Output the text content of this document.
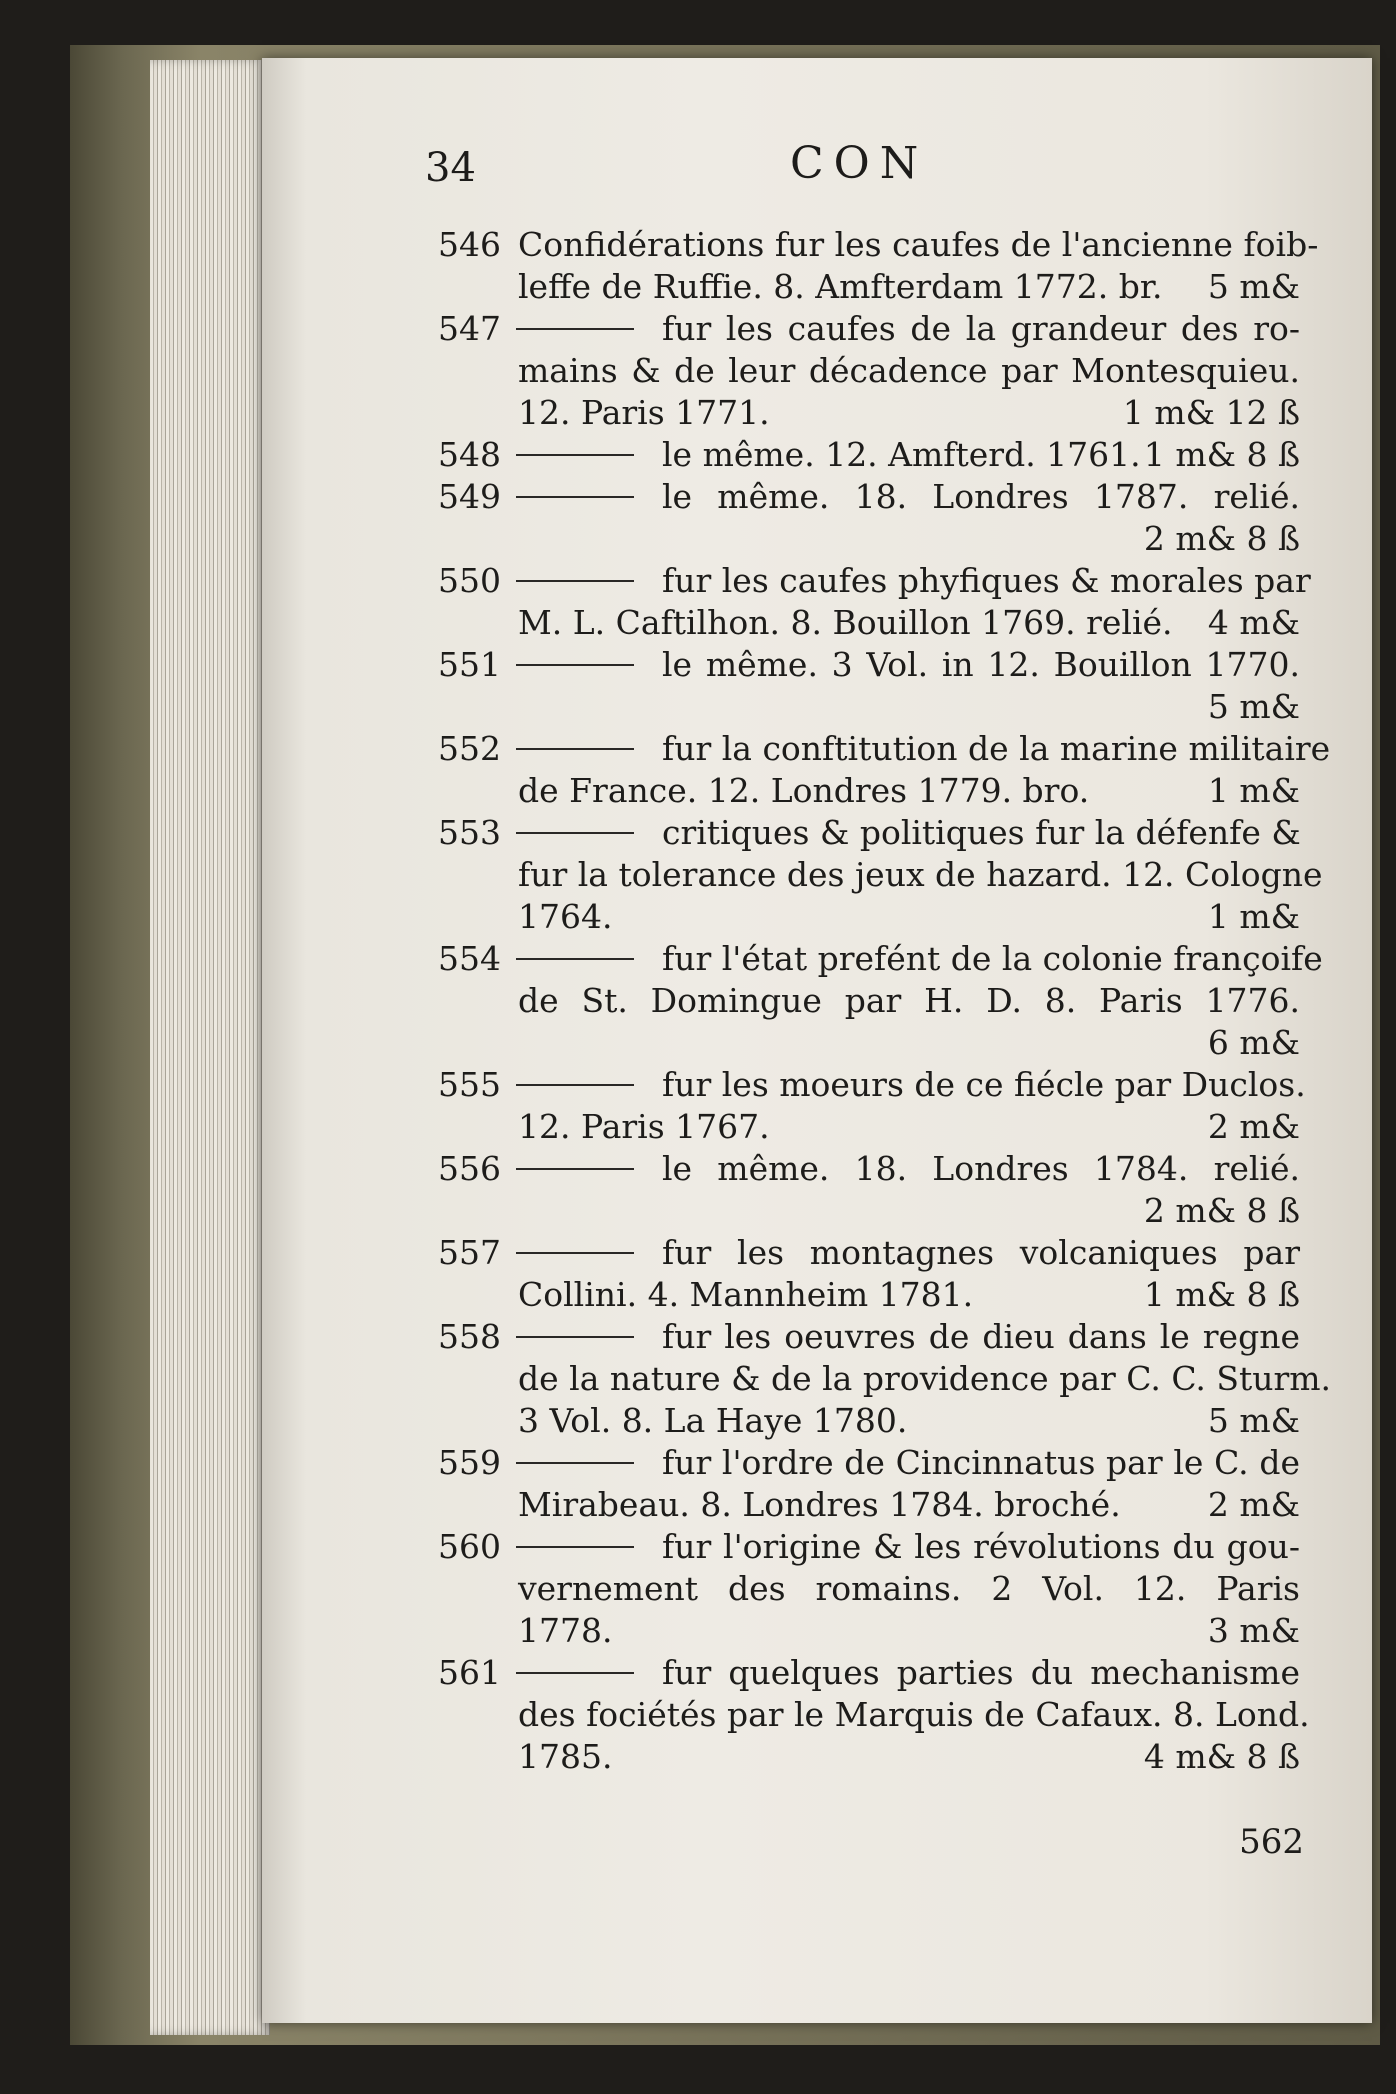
34	CON
546 Confidérations fur les caufes de l'ancienne foib-
leffe de Ruffie. 8. Amfterdam 1772. br. 5 m&
547	fur les caufes de la grandeur des ro-
mains & de leur décadence par Montesquieu.
12. Paris 1771.	1 m& 12 ß
548	le même. 12. Amfterd. 1761. 1 m& 8 ß
549	le même. 18. Londres 1787. relié.
2 m& 8 ß
550	fur les caufes phyfiques & morales par
M. L. Caftilhon. 8. Bouillon 1769. relié. 4 m&
551	le même. 3 Vol. in 12. Bouillon 1770.
5 m&
552	fur la conftitution de la marine militaire
de France. 12. Londres 1779. bro.	1 m&
553	critiques & politiques fur la défenfe &
fur la tolerance des jeux de hazard. 12. Cologne
1764.	1 m&
554	fur l'état prefént de la colonie françoife
de St. Domingue par H. D. 8. Paris 1776.
6 m&
555	fur les moeurs de ce fiécle par Duclos.
12. Paris 1767.	2 m&
556	le même. 18. Londres 1784. relié.
2 m& 8 ß
557	fur les montagnes volcaniques par
Collini. 4. Mannheim 1781.	1 m& 8 ß
558	fur les oeuvres de dieu dans le regne
de la nature & de la providence par C. C. Sturm.
3 Vol. 8. La Haye 1780.	5 m&
559	fur l'ordre de Cincinnatus par le C. de
Mirabeau. 8. Londres 1784. broché.	2 m&
560	fur l'origine & les révolutions du gou-
vernement des romains. 2 Vol. 12. Paris
1778.	3 m&
561	fur quelques parties du mechanisme
des fociétés par le Marquis de Cafaux. 8. Lond.
1785.	4 m& 8 ß
562
